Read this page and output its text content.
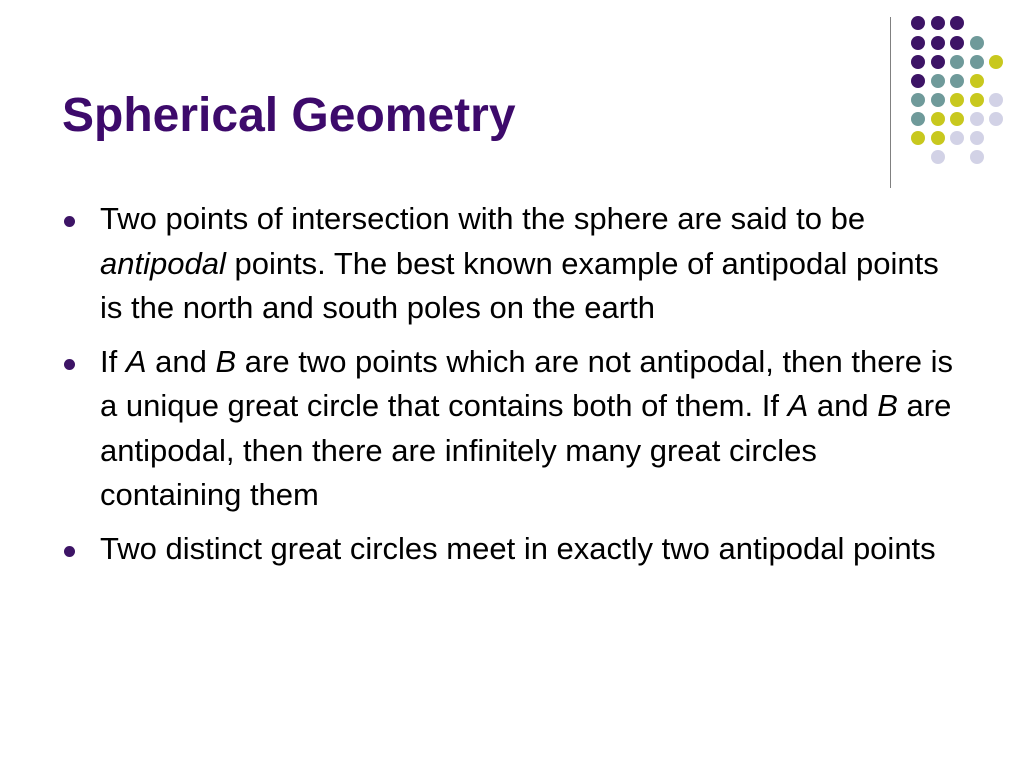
Spherical Geometry
Two points of intersection with the sphere are said to be antipodal points. The best known example of antipodal points is the north and south poles on the earth
If A and B are two points which are not antipodal, then there is a unique great circle that contains both of them. If A and B are antipodal, then there are infinitely many great circles containing them
Two distinct great circles meet in exactly two antipodal points
